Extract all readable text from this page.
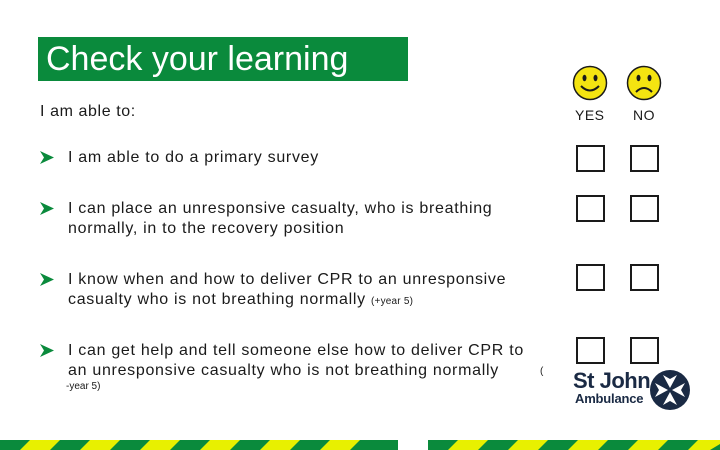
Check your learning
I am able to:	YES NO
I am able to do a primary survey
I can place an unresponsive casualty, who is breathing
normally, in to the recovery position
I know when and how to deliver CPR to an unresponsive
casualty who is not breathing normally (+year 5)
I can get help and tell someone else how to deliver CPR to
an unresponsive casualty who is not breathing normally	(
-year 5)	St John
Ambulance
